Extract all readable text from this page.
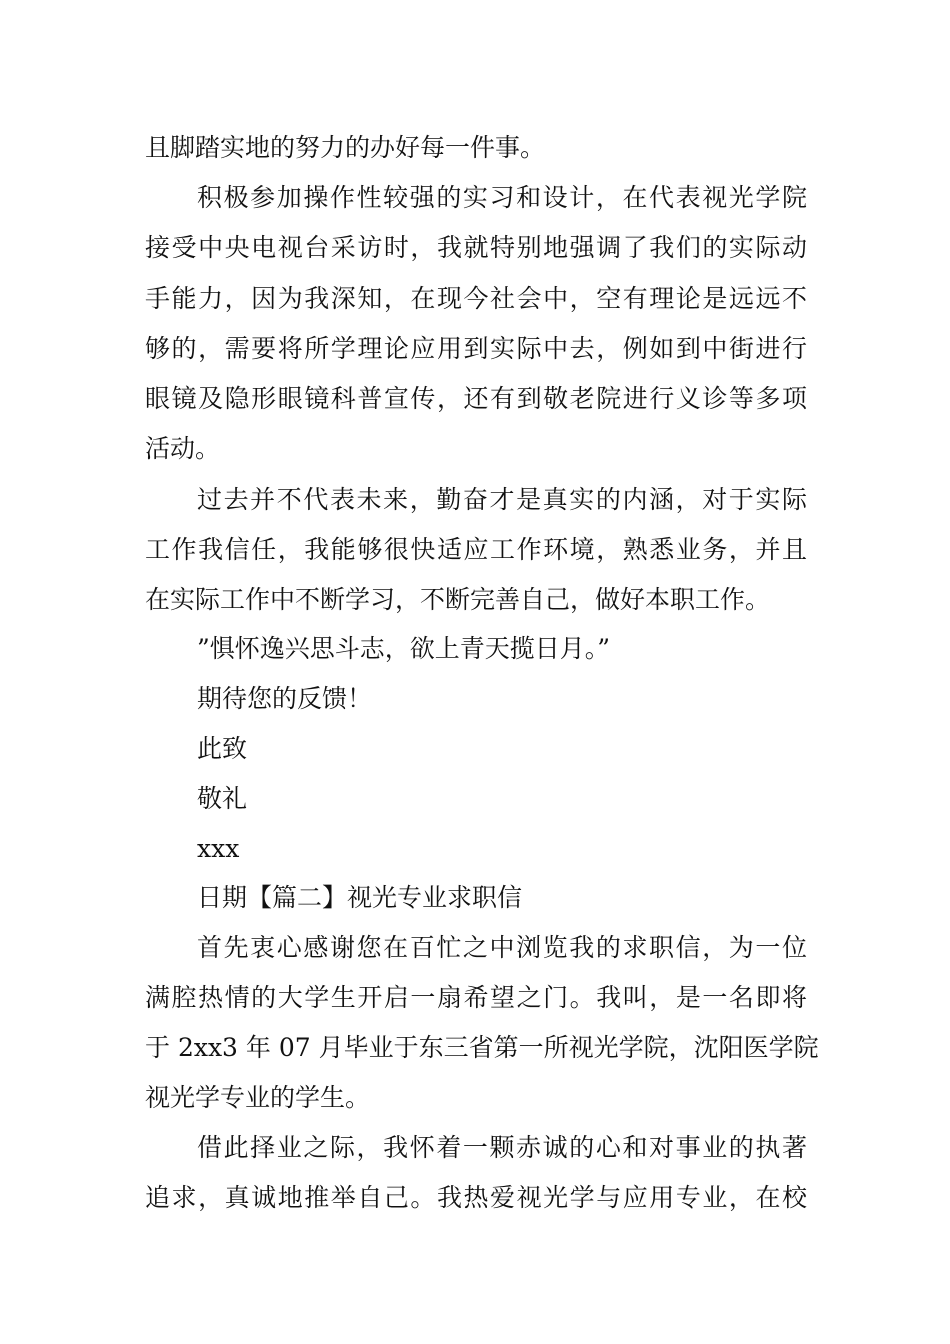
且脚踏实地的努力的办好每一件事。
积极参加操作性较强的实习和设计，在代表视光学院
接受中央电视台采访时，我就特别地强调了我们的实际动
手能力，因为我深知，在现今社会中，空有理论是远远不
够的，需要将所学理论应用到实际中去，例如到中街进行
眼镜及隐形眼镜科普宣传，还有到敬老院进行义诊等多项
活动。
过去并不代表未来，勤奋才是真实的内涵，对于实际
工作我信任，我能够很快适应工作环境，熟悉业务，并且
在实际工作中不断学习，不断完善自己，做好本职工作。
”惧怀逸兴思斗志，欲上青天揽日月。”
期待您的反馈！
此致
敬礼
xxx
日期【篇二】视光专业求职信
首先衷心感谢您在百忙之中浏览我的求职信，为一位
满腔热情的大学生开启一扇希望之门。我叫，是一名即将
于 2xx3 年 07 月毕业于东三省第一所视光学院，沈阳医学院
视光学专业的学生。
借此择业之际，我怀着一颗赤诚的心和对事业的执著
追求，真诚地推举自己。我热爱视光学与应用专业，在校
